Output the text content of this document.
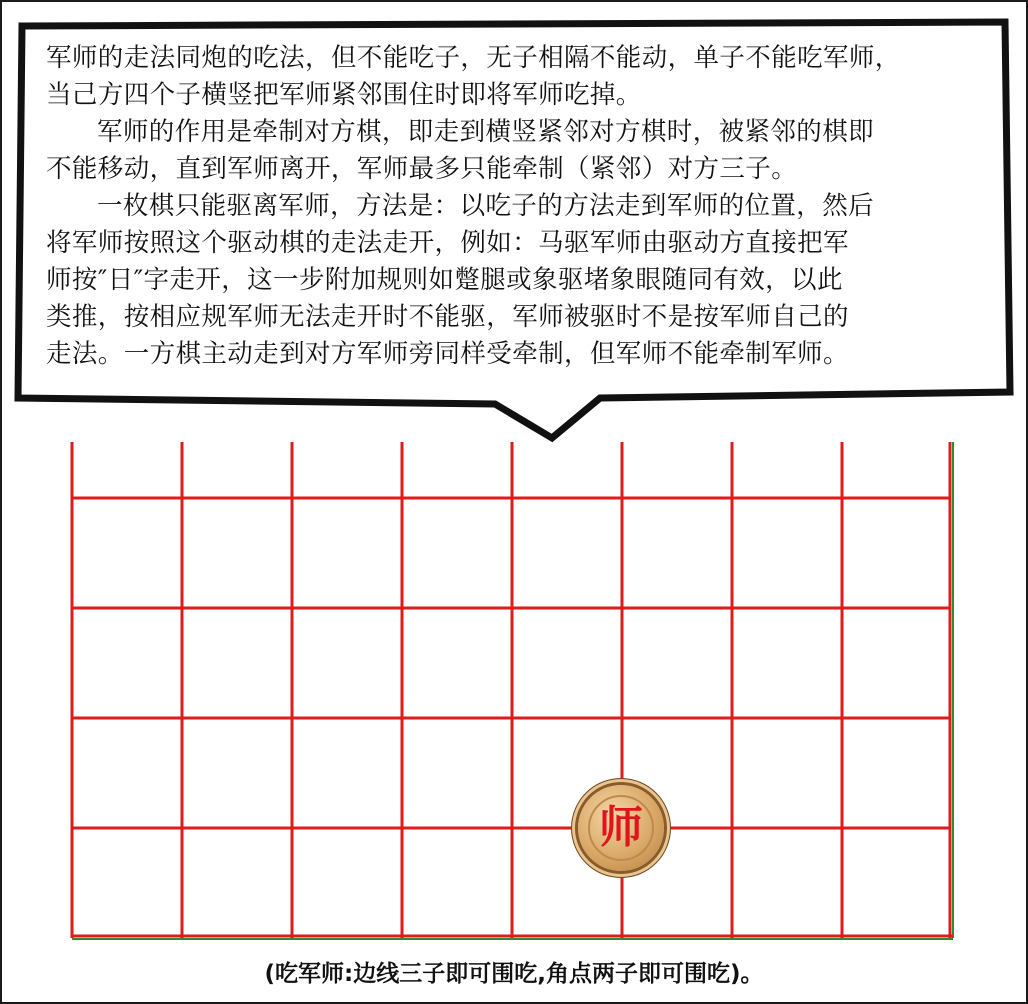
军师的走法同炮的吃法，但不能吃子，无子相隔不能动，单子不能吃军师，

当己方四个子横竖把军师紧邻围住时即将军师吃掉。

军师的作用是牵制对方棋，即走到横竖紧邻对方棋时，被紧邻的棋即

不能移动，直到军师离开，军师最多只能牵制（紧邻）对方三子。

一枚棋只能驱离军师，方法是：以吃子的方法走到军师的位置，然后

将军师按照这个驱动棋的走法走开，例如：马驱军师由驱动方直接把军

师按″日″字走开，这一步附加规则如蹩腿或象驱堵象眼随同有效，以此

类推，按相应规军师无法走开时不能驱，军师被驱时不是按军师自己的

走法。一方棋主动走到对方军师旁同样受牵制，但军师不能牵制军师。

师
(吃军师:边线三子即可围吃,角点两子即可围吃)。
